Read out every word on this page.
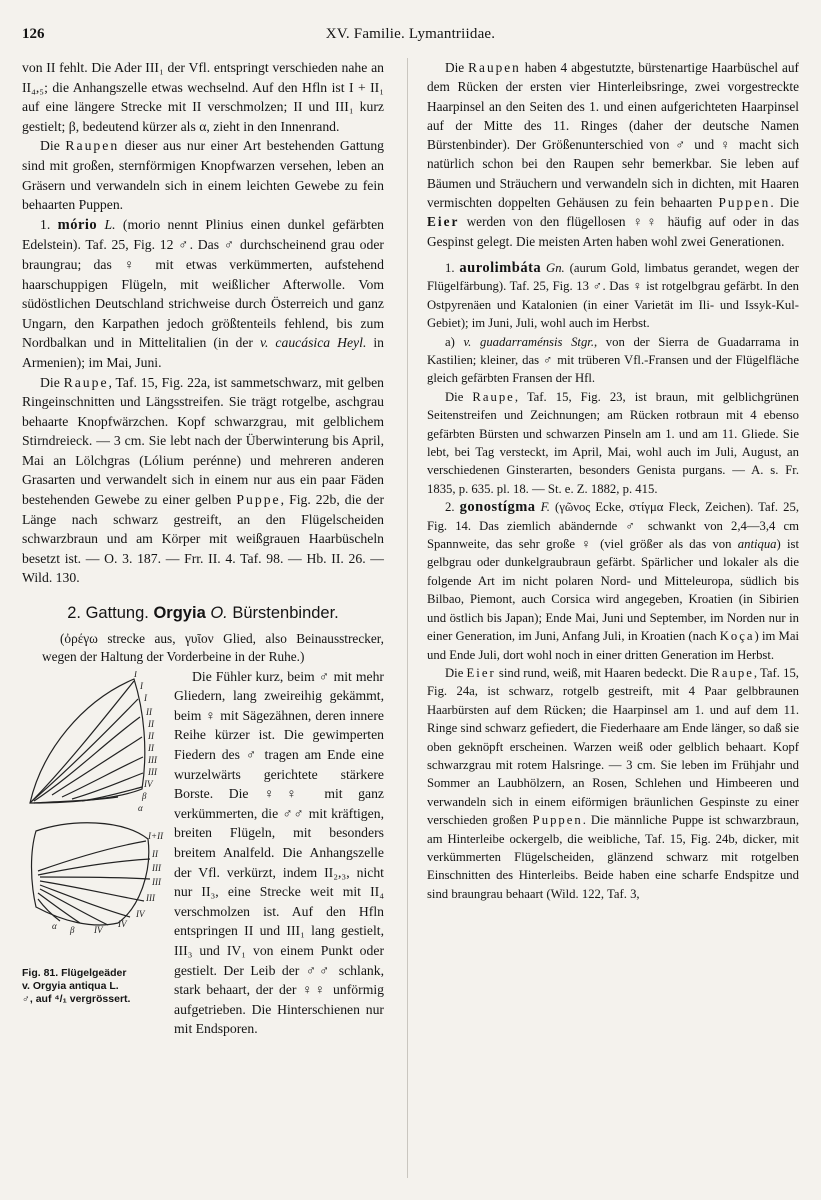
126	XV. Familie. Lymantriidae.

von II fehlt. Die Ader III₁ der Vfl. entspringt verschieden nahe an II₄,₅; die Anhangszelle etwas wechselnd. Auf den Hfln ist I + II₁ auf eine längere Strecke mit II verschmolzen; II und III₁ kurz gestielt; β, bedeutend kürzer als α, zieht in den Innenrand.

Die Raupen dieser aus nur einer Art bestehenden Gattung sind mit großen, sternförmigen Knopfwarzen versehen, leben an Gräsern und verwandeln sich in einem leichten Gewebe zu fein behaarten Puppen.

1. mório L. (morio nennt Plinius einen dunkel gefärbten Edelstein). Taf. 25, Fig. 12 ♂. Das ♂ durchscheinend grau oder braungrau; das ♀ mit etwas verkümmerten, aufstehend haarschuppigen Flügeln, mit weißlicher Afterwolle. Vom südöstlichen Deutschland strichweise durch Österreich und ganz Ungarn, den Karpathen jedoch größtenteils fehlend, bis zum Nordbalkan und in Mittelitalien (in der v. caucásica Heyl. in Armenien); im Mai, Juni.

Die Raupe, Taf. 15, Fig. 22a, ist sammetschwarz, mit gelben Ringeinschnitten und Längsstreifen. Sie trägt rotgelbe, aschgrau behaarte Knopfwärzchen. Kopf schwarzgrau, mit gelblichem Stirndreieck. — 3 cm. Sie lebt nach der Überwinterung bis April, Mai an Lölchgras (Lólium perénne) und mehreren anderen Grasarten und verwandelt sich in einem nur aus ein paar Fäden bestehenden Gewebe zu einer gelben Puppe, Fig. 22b, die der Länge nach schwarz gestreift, an den Flügelscheiden schwarzbraun und am Körper mit weißgrauen Haarbüscheln besetzt ist. — O. 3. 187. — Frr. II. 4. Taf. 98. — Hb. II. 26. — Wild. 130.

2. Gattung. Orgyia O. Bürstenbinder.

(ὀρέγω strecke aus, γυῖον Glied, also Beinausstrecker, wegen der Haltung der Vorderbeine in der Ruhe.)

I
I
I
II
II
II
II
III
III
IV
β
α
I+II
II
III
III
III
IV
IV
IV
β
α
Fig. 81. Flügelgeäder
v. Orgyia antiqua L.
♂, auf ⁴/₁ vergrössert.

Die Fühler kurz, beim ♂ mit mehr Gliedern, lang zweireihig gekämmt, beim ♀ mit Sägezähnen, deren innere Reihe kürzer ist. Die gewimperten Fiedern des ♂ tragen am Ende eine wurzelwärts gerichtete stärkere Borste. Die ♀♀ mit ganz verkümmerten, die ♂♂ mit kräftigen, breiten Flügeln, mit besonders breitem Analfeld. Die Anhangszelle der Vfl. verkürzt, indem II₂,₃, nicht nur II₃, eine Strecke weit mit II₄ verschmolzen ist. Auf den Hfln entspringen II und III₁ lang gestielt, III₃ und IV₁ von einem Punkt oder gestielt. Der Leib der ♂♂ schlank, stark behaart, der der ♀♀ unförmig aufgetrieben. Die Hinterschienen nur mit Endsporen.

Die Raupen haben 4 abgestutzte, bürstenartige Haarbüschel auf dem Rücken der ersten vier Hinterleibsringe, zwei vorgestreckte Haarpinsel an den Seiten des 1. und einen aufgerichteten Haarpinsel auf der Mitte des 11. Ringes (daher der deutsche Namen Bürstenbinder). Der Größenunterschied von ♂ und ♀ macht sich natürlich schon bei den Raupen sehr bemerkbar. Sie leben auf Bäumen und Sträuchern und verwandeln sich in dichten, mit Haaren vermischten doppelten Gehäusen zu fein behaarten Puppen. Die Eier werden von den flügellosen ♀♀ häufig auf oder in das Gespinst gelegt. Die meisten Arten haben wohl zwei Generationen.

1. aurolimbáta Gn. (aurum Gold, limbatus gerandet, wegen der Flügelfärbung). Taf. 25, Fig. 13 ♂. Das ♀ ist rotgelbgrau gefärbt. In den Ostpyrenäen und Katalonien (in einer Varietät im Ili- und Issyk-Kul-Gebiet); im Juni, Juli, wohl auch im Herbst.

a) v. guadarraménsis Stgr., von der Sierra de Guadarrama in Kastilien; kleiner, das ♂ mit trüberen Vfl.-Fransen und der Flügelfläche gleich gefärbten Fransen der Hfl.

Die Raupe, Taf. 15, Fig. 23, ist braun, mit gelblichgrünen Seitenstreifen und Zeichnungen; am Rücken rotbraun mit 4 ebenso gefärbten Bürsten und schwarzen Pinseln am 1. und am 11. Gliede. Sie lebt, bei Tag versteckt, im April, Mai, wohl auch im Juli, August, an verschiedenen Ginsterarten, besonders Genista purgans. — A. s. Fr. 1835, p. 635. pl. 18. — St. e. Z. 1882, p. 415.

2. gonostígma F. (γῶνος Ecke, στίγμα Fleck, Zeichen). Taf. 25, Fig. 14. Das ziemlich abändernde ♂ schwankt von 2,4—3,4 cm Spannweite, das sehr große ♀ (viel größer als das von antiqua) ist gelbgrau oder dunkelgraubraun gefärbt. Spärlicher und lokaler als die folgende Art im nicht polaren Nord- und Mitteleuropa, südlich bis Bilbao, Piemont, auch Corsica wird angegeben, Kroatien (in Sibirien und östlich bis Japan); Ende Mai, Juni und September, im Norden nur in einer Generation, im Juni, Anfang Juli, in Kroatien (nach Koça) im Mai und Ende Juli, dort wohl noch in einer dritten Generation im Herbst.

Die Eier sind rund, weiß, mit Haaren bedeckt. Die Raupe, Taf. 15, Fig. 24a, ist schwarz, rotgelb gestreift, mit 4 Paar gelbbraunen Haarbürsten auf dem Rücken; die Haarpinsel am 1. und auf dem 11. Ringe sind schwarz gefiedert, die Fiederhaare am Ende länger, so daß sie oben geknöpft erscheinen. Warzen weiß oder gelblich behaart. Kopf schwarzgrau mit rotem Halsringe. — 3 cm. Sie leben im Frühjahr und Sommer an Laubhölzern, an Rosen, Schlehen und Himbeeren und verwandeln sich in einem eiförmigen bräunlichen Gespinste zu einer verschieden großen Puppen. Die männliche Puppe ist schwarzbraun, am Hinterleibe ockergelb, die weibliche, Taf. 15, Fig. 24b, dicker, mit verkümmerten Flügelscheiden, glänzend schwarz mit rotgelben Einschnitten des Hinterleibs. Beide haben eine scharfe Endspitze und sind braungrau behaart (Wild. 122, Taf. 3,
